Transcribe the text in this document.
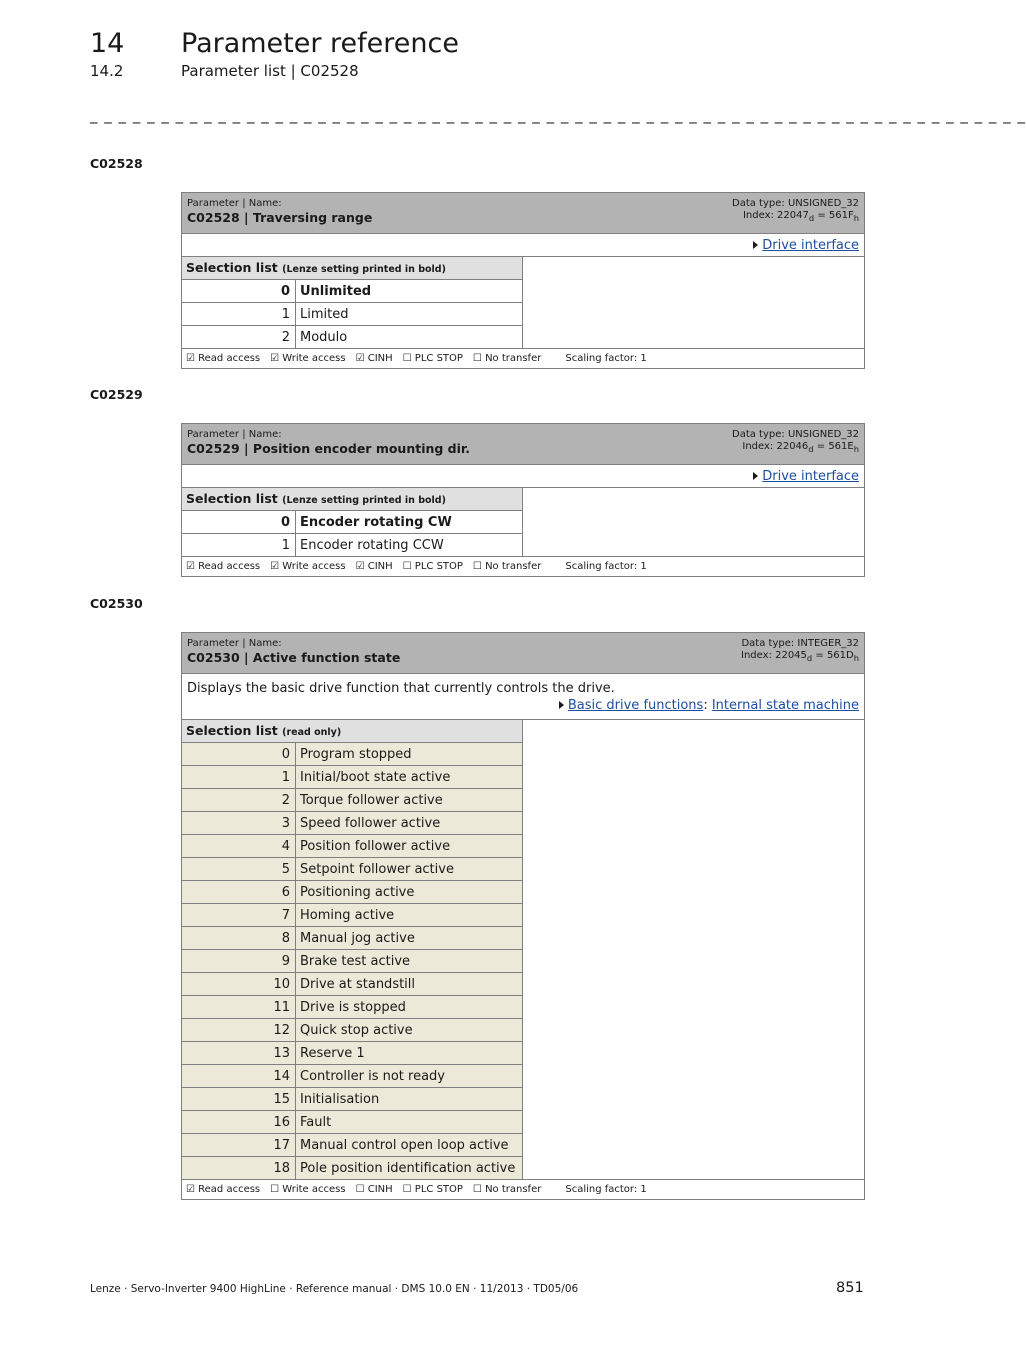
14 Parameter reference
14.2	Parameter list | C02528
_ _ _ _ _ _ _ _ _ _ _ _ _ _ _ _ _ _ _ _ _ _ _ _ _ _ _ _ _ _ _ _ _ _ _ _ _ _ _ _ _ _ _ _ _ _ _ _ _ _ _ _ _ _ _ _ _ _ _ _ _ _ _ _ _ _
C02528
Parameter | Name:
C02528 | Traversing range
Data type: UNSIGNED_32
Index: $22047_d = 561F_h$

Drive interface		
Selection list (Lenze setting printed in bold)		
0	Unlimited	
1	Limited	
2	Modulo	
☑ Read access ☑ Write access ☑ CINH ☐ PLC STOP ☐ No transfer Scaling factor: 1		
C02529
Parameter | Name:
C02529 | Position encoder mounting dir.
Data type: UNSIGNED_32
Index: $22046_d = 561E_h$

Drive interface		
Selection list (Lenze setting printed in bold)		
0	Encoder rotating CW	
1	Encoder rotating CCW	
☑ Read access ☑ Write access ☑ CINH ☐ PLC STOP ☐ No transfer Scaling factor: 1		
C02530
Parameter | Name:
C02530 | Active function state
Data type: INTEGER_32
Index: $22045_d = 561D_h$

Displays the basic drive function that currently controls the drive.
Basic drive functions: Internal state machine		

Selection list (read only)		
0	Program stopped	
1	Initial/boot state active	
2	Torque follower active	
3	Speed follower active	
4	Position follower active	
5	Setpoint follower active	
6	Positioning active	
7	Homing active	
8	Manual jog active	
9	Brake test active	
10	Drive at standstill	
11	Drive is stopped	
12	Quick stop active	
13	Reserve 1	
14	Controller is not ready	
15	Initialisation	
16	Fault	
17	Manual control open loop active	
18	Pole position identification active	
☑ Read access ☐ Write access ☐ CINH ☐ PLC STOP ☐ No transfer Scaling factor: 1		
Lenze · Servo-Inverter 9400 HighLine · Reference manual · DMS 10.0 EN · 11/2013 · TD05/06	851
